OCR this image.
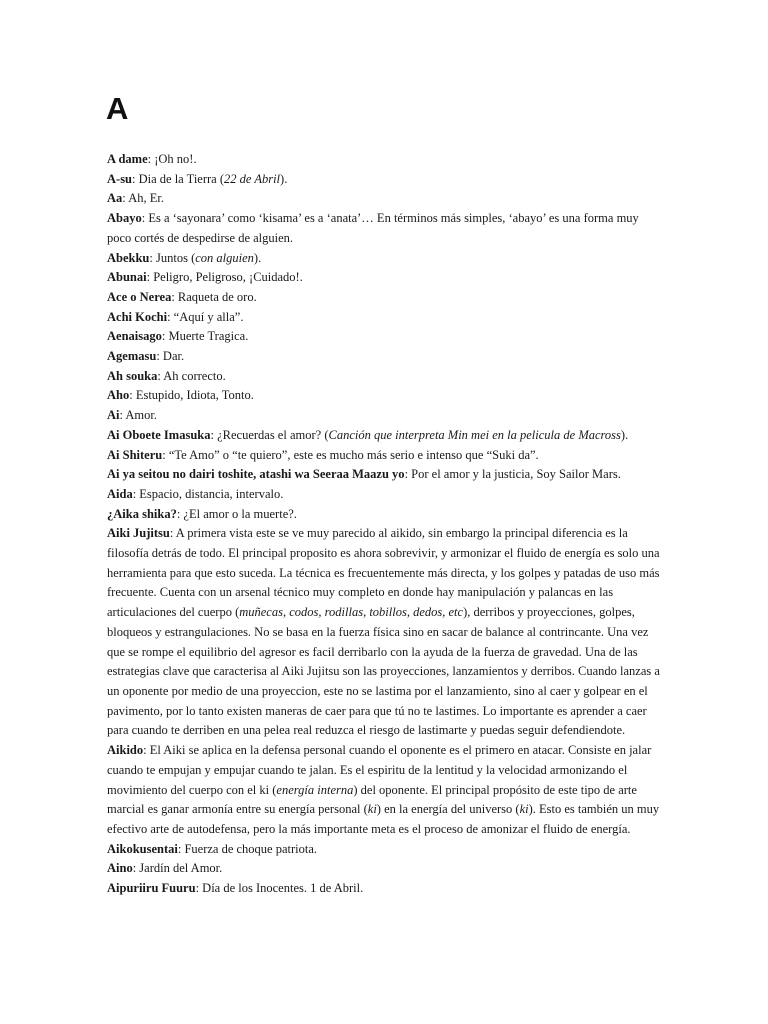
A

A dame: ¡Oh no!.

A-su: Dia de la Tierra (22 de Abril).

Aa: Ah, Er.

Abayo: Es a ‘sayonara’ como ‘kisama’ es a ‘anata’… En términos más simples, ‘abayo’ es una forma muy poco cortés de despedirse de alguien.

Abekku: Juntos (con alguien).

Abunai: Peligro, Peligroso, ¡Cuidado!.

Ace o Nerea: Raqueta de oro.

Achi Kochi: “Aquí y alla”.

Aenaisago: Muerte Tragica.

Agemasu: Dar.

Ah souka: Ah correcto.

Aho: Estupido, Idiota, Tonto.

Ai: Amor.

Ai Oboete Imasuka: ¿Recuerdas el amor? (Canción que interpreta Min mei en la pelicula de Macross).

Ai Shiteru: “Te Amo” o “te quiero”, este es mucho más serio e intenso que “Suki da”.

Ai ya seitou no dairi toshite, atashi wa Seeraa Maazu yo: Por el amor y la justicia, Soy Sailor Mars.

Aida: Espacio, distancia, intervalo.

¿Aika shika?: ¿El amor o la muerte?.

Aiki Jujitsu: A primera vista este se ve muy parecido al aikido, sin embargo la principal diferencia es la filosofía detrás de todo. El principal proposito es ahora sobrevivir, y armonizar el fluido de energía es solo una herramienta para que esto suceda. La técnica es frecuentemente más directa, y los golpes y patadas de uso más frecuente. Cuenta con un arsenal técnico muy completo en donde hay manipulación y palancas en las articulaciones del cuerpo (muñecas, codos, rodillas, tobillos, dedos, etc), derribos y proyecciones, golpes, bloqueos y estrangulaciones. No se basa en la fuerza física sino en sacar de balance al contrincante. Una vez que se rompe el equilibrio del agresor es facil derribarlo con la ayuda de la fuerza de gravedad. Una de las estrategias clave que caracterisa al Aiki Jujitsu son las proyecciones, lanzamientos y derribos. Cuando lanzas a un oponente por medio de una proyeccion, este no se lastima por el lanzamiento, sino al caer y golpear en el pavimento, por lo tanto existen maneras de caer para que tú no te lastimes. Lo importante es aprender a caer para cuando te derriben en una pelea real reduzca el riesgo de lastimarte y puedas seguir defendiendote.

Aikido: El Aiki se aplica en la defensa personal cuando el oponente es el primero en atacar. Consiste en jalar cuando te empujan y empujar cuando te jalan. Es el espiritu de la lentitud y la velocidad armonizando el movimiento del cuerpo con el ki (energía interna) del oponente. El principal propósito de este tipo de arte marcial es ganar armonía entre su energía personal (ki) en la energía del universo (ki). Esto es también un muy efectivo arte de autodefensa, pero la más importante meta es el proceso de amonizar el fluido de energía.

Aikokusentai: Fuerza de choque patriota.

Aino: Jardín del Amor.

Aipuriiru Fuuru: Día de los Inocentes. 1 de Abril.
